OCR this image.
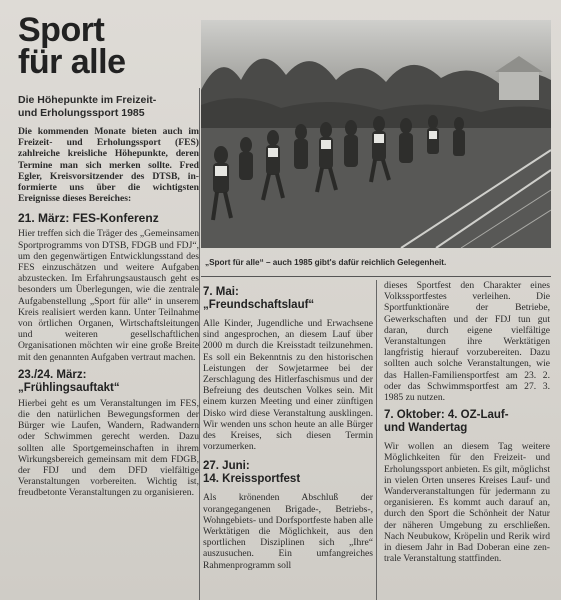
Sport
für alle
Die Höhepunkte im Freizeit-
und Erholungssport 1985
Die kommenden Monate bieten auch im Freizeit- und Erholungssport (FES) zahlreiche kreisliche Höhepunkte, deren Termine man sich merken sollte. Fred Egler, Kreisvorsitzender des DTSB, informierte uns über die wichtigsten Ereignisse dieses Bereiches:
21. März: FES-Konferenz
Hier treffen sich die Träger des „Gemeinsamen Sportprogramms von DTSB, FDGB und FDJ“, um den gegenwärtigen Entwicklungsstand des FES einzuschätzen und weitere Aufgaben abzustecken. Im Erfahrungsaustausch geht es besonders um Überlegungen, wie die zentrale Aufgabenstellung „Sport für alle“ in unserem Kreis realisiert werden kann. Unter Teilnahme von örtlichen Organen, Wirtschaftsleitungen und weiteren gesellschaftlichen Organisationen möchten wir eine große Breite mit den genannten Aufgaben vertraut machen.
23./24. März:
„Frühlingsauftakt“
Hierbei geht es um Veranstaltungen im FES, die den natürlichen Bewegungsformen der Bürger wie Laufen, Wandern, Radwandern oder Schwimmen gerecht werden. Dazu sollten alle Sportgemeinschaften in ihrem Wirkungsbereich gemeinsam mit dem FDGB, der FDJ und dem DFD vielfältige Veranstaltungen vorbereiten. Wichtig ist, freudbetonte Veranstaltungen zu organisieren.
„Sport für alle“ – auch 1985 gibt's dafür reichlich Gelegenheit.
7. Mai:
„Freundschaftslauf“
Alle Kinder, Jugendliche und Erwachsene sind angesprochen, an diesem Lauf über 2000 m durch die Kreisstadt teilzunehmen. Es soll ein Bekenntnis zu den historischen Leistungen der Sowjetarmee bei der Zerschlagung des Hitlerfaschismus und der Befreiung des deutschen Volkes sein. Mit einem kurzen Meeting und einer zünftigen Disko wird diese Veranstaltung ausklingen. Wir wenden uns schon heute an alle Bürger des Kreises, sich diesen Termin vorzumerken.
27. Juni:
14. Kreissportfest
Als krönenden Abschluß der vorangegangenen Brigade-, Betriebs-, Wohngebiets- und Dorfsportfeste haben alle Werktätigen die Möglichkeit, aus den sportlichen Disziplinen sich „Ihre“ auszusuchen. Ein umfangreiches Rahmenprogramm soll
dieses Sportfest den Charakter eines Volkssportfestes verleihen. Die Sportfunktionäre der Betriebe, Gewerkschaften und der FDJ tun gut daran, durch eigene vielfältige Veranstaltungen ihre Werktätigen langfristig hierauf vorzubereiten. Dazu sollten auch solche Veranstaltungen, wie das Hallen-Familiensportfest am 23. 2. oder das Schwimmsportfest am 27. 3. 1985 zu nutzen.
7. Oktober: 4. OZ-Lauf-
und Wandertag
Wir wollen an diesem Tag weitere Möglichkeiten für den Freizeit- und Erholungssport anbieten. Es gilt, möglichst in vielen Orten unseres Kreises Lauf- und Wanderveranstaltungen für jedermann zu organisieren. Es kommt auch darauf an, durch den Sport die Schönheit der Natur der näheren Umgebung zu erschließen. Nach Neubukow, Kröpelin und Rerik wird in diesem Jahr in Bad Doberan eine zentrale Veranstaltung stattfinden.
